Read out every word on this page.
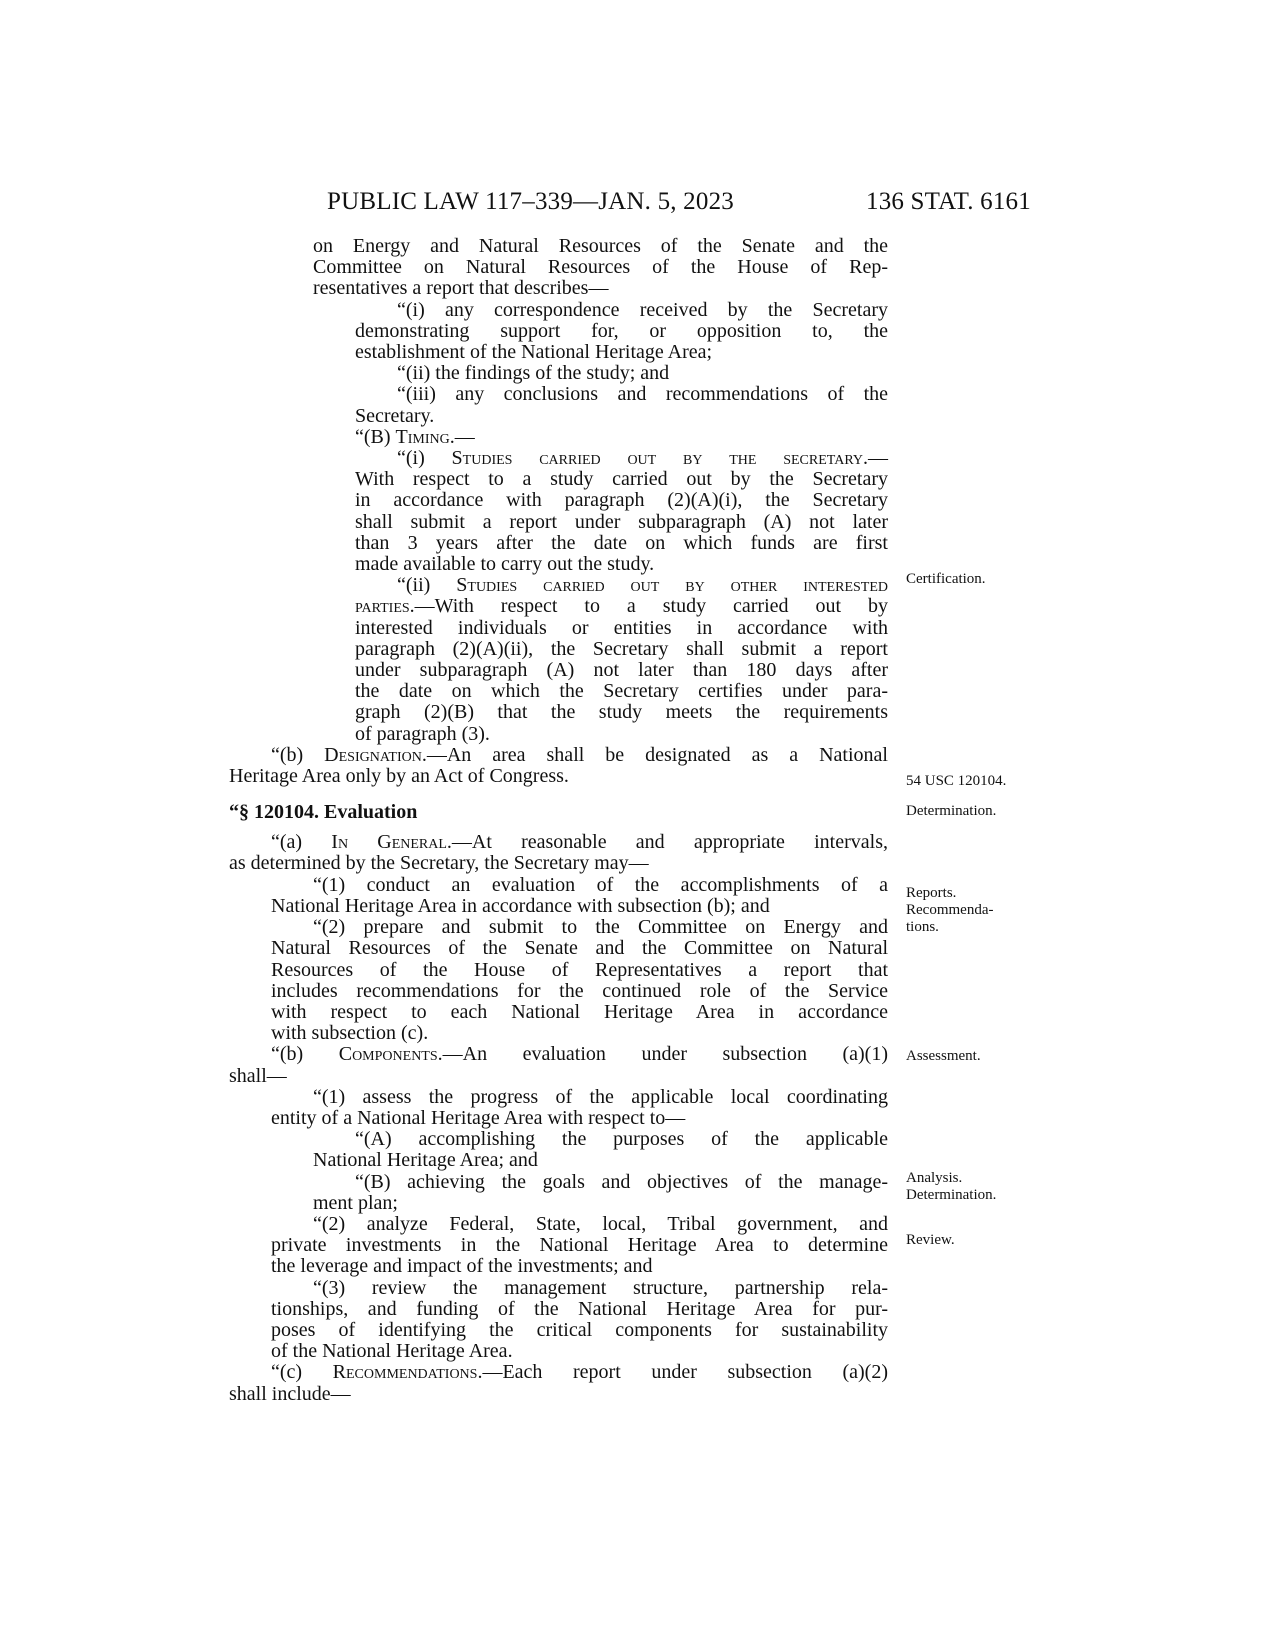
PUBLIC LAW 117–339—JAN. 5, 2023	136 STAT. 6161
on Energy and Natural Resources of the Senate and the
Committee on Natural Resources of the House of Rep-
resentatives a report that describes—
“(i) any correspondence received by the Secretary
demonstrating support for, or opposition to, the
establishment of the National Heritage Area;
“(ii) the findings of the study; and
“(iii) any conclusions and recommendations of the
Secretary.
“(B) Timing.—
“(i) Studies carried out by the secretary.—
With respect to a study carried out by the Secretary
in accordance with paragraph (2)(A)(i), the Secretary
shall submit a report under subparagraph (A) not later
than 3 years after the date on which funds are first
made available to carry out the study.
“(ii) Studies carried out by other interested
parties.—With respect to a study carried out by
interested individuals or entities in accordance with
paragraph (2)(A)(ii), the Secretary shall submit a report
under subparagraph (A) not later than 180 days after
the date on which the Secretary certifies under para-
graph (2)(B) that the study meets the requirements
of paragraph (3).
“(b) Designation.—An area shall be designated as a National
Heritage Area only by an Act of Congress.
“§ 120104. Evaluation
“(a) In General.—At reasonable and appropriate intervals,
as determined by the Secretary, the Secretary may—
“(1) conduct an evaluation of the accomplishments of a
National Heritage Area in accordance with subsection (b); and
“(2) prepare and submit to the Committee on Energy and
Natural Resources of the Senate and the Committee on Natural
Resources of the House of Representatives a report that
includes recommendations for the continued role of the Service
with respect to each National Heritage Area in accordance
with subsection (c).
“(b) Components.—An evaluation under subsection (a)(1)
shall—
“(1) assess the progress of the applicable local coordinating
entity of a National Heritage Area with respect to—
“(A) accomplishing the purposes of the applicable
National Heritage Area; and
“(B) achieving the goals and objectives of the manage-
ment plan;
“(2) analyze Federal, State, local, Tribal government, and
private investments in the National Heritage Area to determine
the leverage and impact of the investments; and
“(3) review the management structure, partnership rela-
tionships, and funding of the National Heritage Area for pur-
poses of identifying the critical components for sustainability
of the National Heritage Area.
“(c) Recommendations.—Each report under subsection (a)(2)
shall include—
Certification.
54 USC 120104.
Determination.
Reports.
Recommenda-
tions.
Assessment.
Analysis.
Determination.
Review.
